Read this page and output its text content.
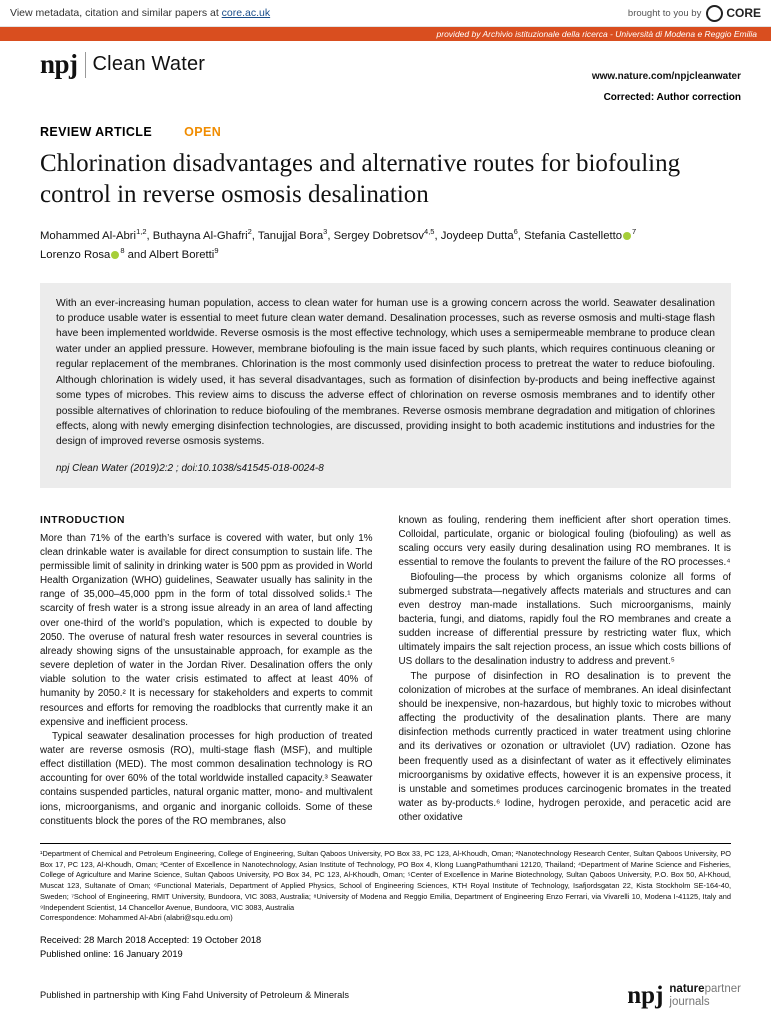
View metadata, citation and similar papers at core.ac.uk	brought to you by CORE
provided by Archivio istituzionale della ricerca - Università di Modena e Reggio Emilia
npj Clean Water
www.nature.com/npjcleanwater
Corrected: Author correction
REVIEW ARTICLE	OPEN
Chlorination disadvantages and alternative routes for biofouling control in reverse osmosis desalination
Mohammed Al-Abri$^{1,2}$, Buthayna Al-Ghafri$^2$, Tanujjal Bora$^3$, Sergey Dobretsov$^{4,5}$, Joydeep Dutta$^6$, Stefania Castelletto $^7$
Lorenzo Rosa $^8$ and Albert Boretti$^9$
With an ever-increasing human population, access to clean water for human use is a growing concern across the world. Seawater desalination to produce usable water is essential to meet future clean water demand. Desalination processes, such as reverse osmosis and multi-stage flash have been implemented worldwide. Reverse osmosis is the most effective technology, which uses a semipermeable membrane to produce clean water under an applied pressure. However, membrane biofouling is the main issue faced by such plants, which requires continuous cleaning or regular replacement of the membranes. Chlorination is the most commonly used disinfection process to pretreat the water to reduce biofouling. Although chlorination is widely used, it has several disadvantages, such as formation of disinfection by-products and being ineffective against some types of microbes. This review aims to discuss the adverse effect of chlorination on reverse osmosis membranes and to identify other possible alternatives of chlorination to reduce biofouling of the membranes. Reverse osmosis membrane degradation and mitigation of chlorines effects, along with newly emerging disinfection technologies, are discussed, providing insight to both academic institutions and industries for the design of improved reverse osmosis systems.
npj Clean Water (2019)2:2 ; doi:10.1038/s41545-018-0024-8
INTRODUCTION

More than 71% of the earth’s surface is covered with water, but only 1% clean drinkable water is available for direct consumption to sustain life. The permissible limit of salinity in drinking water is 500 ppm as provided in World Health Organization (WHO) guidelines, Seawater usually has salinity in the range of 35,000–45,000 ppm in the form of total dissolved solids.¹ The scarcity of fresh water is a strong issue already in an area of land affecting over one-third of the world’s population, which is expected to double by 2050. The overuse of natural fresh water resources in several countries is already showing signs of the unsustainable approach, for example as the severe depletion of water in the Jordan River. Desalination offers the only viable solution to the water crisis estimated to affect at least 40% of humanity by 2050.² It is necessary for stakeholders and experts to commit resources and efforts for removing the roadblocks that currently make it an expensive and inefficient process.

Typical seawater desalination processes for high production of treated water are reverse osmosis (RO), multi-stage flash (MSF), and multiple effect distillation (MED). The most common desalination technology is RO accounting for over 60% of the total worldwide installed capacity.³ Seawater contains suspended particles, natural organic matter, mono- and multivalent ions, microorganisms, and organic and inorganic colloids. Some of these constituents block the pores of the RO membranes, also

known as fouling, rendering them inefficient after short operation times. Colloidal, particulate, organic or biological fouling (biofouling) as well as scaling occurs very easily during desalination using RO membranes. It is essential to remove the foulants to prevent the failure of the RO processes.⁴

Biofouling—the process by which organisms colonize all forms of submerged substrata—negatively affects materials and structures and can even destroy man-made installations. Such microorganisms, mainly bacteria, fungi, and diatoms, rapidly foul the RO membranes and create a sudden increase of differential pressure by restricting water flux, which ultimately impairs the salt rejection process, an issue which costs billions of US dollars to the desalination industry to address and prevent.⁵

The purpose of disinfection in RO desalination is to prevent the colonization of microbes at the surface of membranes. An ideal disinfectant should be inexpensive, non-hazardous, but highly toxic to microbes without affecting the productivity of the desalination plants. There are many disinfection methods currently practiced in water treatment using chlorine and its derivatives or ozonation or ultraviolet (UV) radiation. Ozone has been frequently used as a disinfectant of water as it effectively eliminates microorganisms by oxidative effects, however it is an expensive process, it is unstable and sometimes produces carcinogenic bromates in the treated water as by-products.⁶ Iodine, hydrogen peroxide, and peracetic acid are other oxidative

¹Department of Chemical and Petroleum Engineering, College of Engineering, Sultan Qaboos University, PO Box 33, PC 123, Al-Khoudh, Oman; ²Nanotechnology Research Center, Sultan Qaboos University, PO Box 17, PC 123, Al-Khoudh, Oman; ³Center of Excellence in Nanotechnology, Asian Institute of Technology, PO Box 4, Klong LuangPathumthani 12120, Thailand; ⁴Department of Marine Science and Fisheries, College of Agriculture and Marine Science, Sultan Qaboos University, PO Box 34, PC 123, Al-Khoudh, Oman; ⁵Center of Excellence in Marine Biotechnology, Sultan Qaboos University, P.O. Box 50, Al-Khoud, Muscat 123, Sultanate of Oman; ⁶Functional Materials, Department of Applied Physics, School of Engineering Sciences, KTH Royal Institute of Technology, Isafjordsgatan 22, Kista Stockholm SE-164-40, Sweden; ⁷School of Engineering, RMIT University, Bundoora, VIC 3083, Australia; ⁸University of Modena and Reggio Emilia, Department of Engineering Enzo Ferrari, via Vivarelli 10, Modena I-41125, Italy and ⁹Independent Scientist, 14 Chancellor Avenue, Bundoora, VIC 3083, Australia
Correspondence: Mohammed Al-Abri (alabri@squ.edu.om)
Received: 28 March 2018 Accepted: 19 October 2018
Published online: 16 January 2019
Published in partnership with King Fahd University of Petroleum & Minerals	npj naturepartner
journals
